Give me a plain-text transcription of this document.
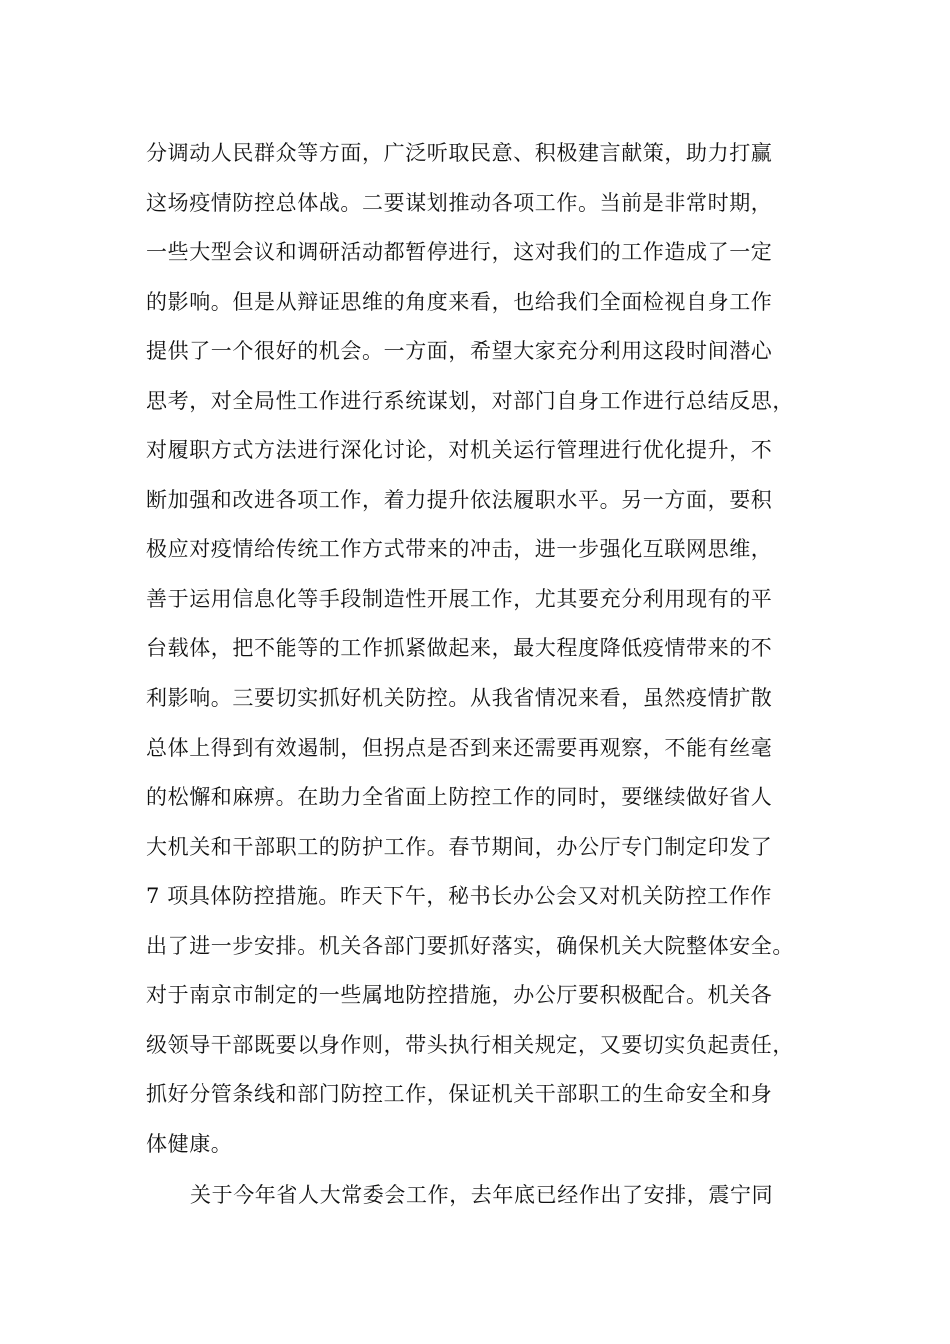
分调动人民群众等方面，广泛听取民意、积极建言献策，助力打赢
这场疫情防控总体战。二要谋划推动各项工作。当前是非常时期，
一些大型会议和调研活动都暂停进行，这对我们的工作造成了一定
的影响。但是从辩证思维的角度来看，也给我们全面检视自身工作
提供了一个很好的机会。一方面，希望大家充分利用这段时间潜心
思考，对全局性工作进行系统谋划，对部门自身工作进行总结反思，
对履职方式方法进行深化讨论，对机关运行管理进行优化提升，不
断加强和改进各项工作，着力提升依法履职水平。另一方面，要积
极应对疫情给传统工作方式带来的冲击，进一步强化互联网思维，
善于运用信息化等手段制造性开展工作，尤其要充分利用现有的平
台载体，把不能等的工作抓紧做起来，最大程度降低疫情带来的不
利影响。三要切实抓好机关防控。从我省情况来看，虽然疫情扩散
总体上得到有效遏制，但拐点是否到来还需要再观察，不能有丝毫
的松懈和麻痹。在助力全省面上防控工作的同时，要继续做好省人
大机关和干部职工的防护工作。春节期间，办公厅专门制定印发了
7 项具体防控措施。昨天下午，秘书长办公会又对机关防控工作作
出了进一步安排。机关各部门要抓好落实，确保机关大院整体安全。
对于南京市制定的一些属地防控措施，办公厅要积极配合。机关各
级领导干部既要以身作则，带头执行相关规定，又要切实负起责任，
抓好分管条线和部门防控工作，保证机关干部职工的生命安全和身
体健康。
关于今年省人大常委会工作，去年底已经作出了安排，震宁同
